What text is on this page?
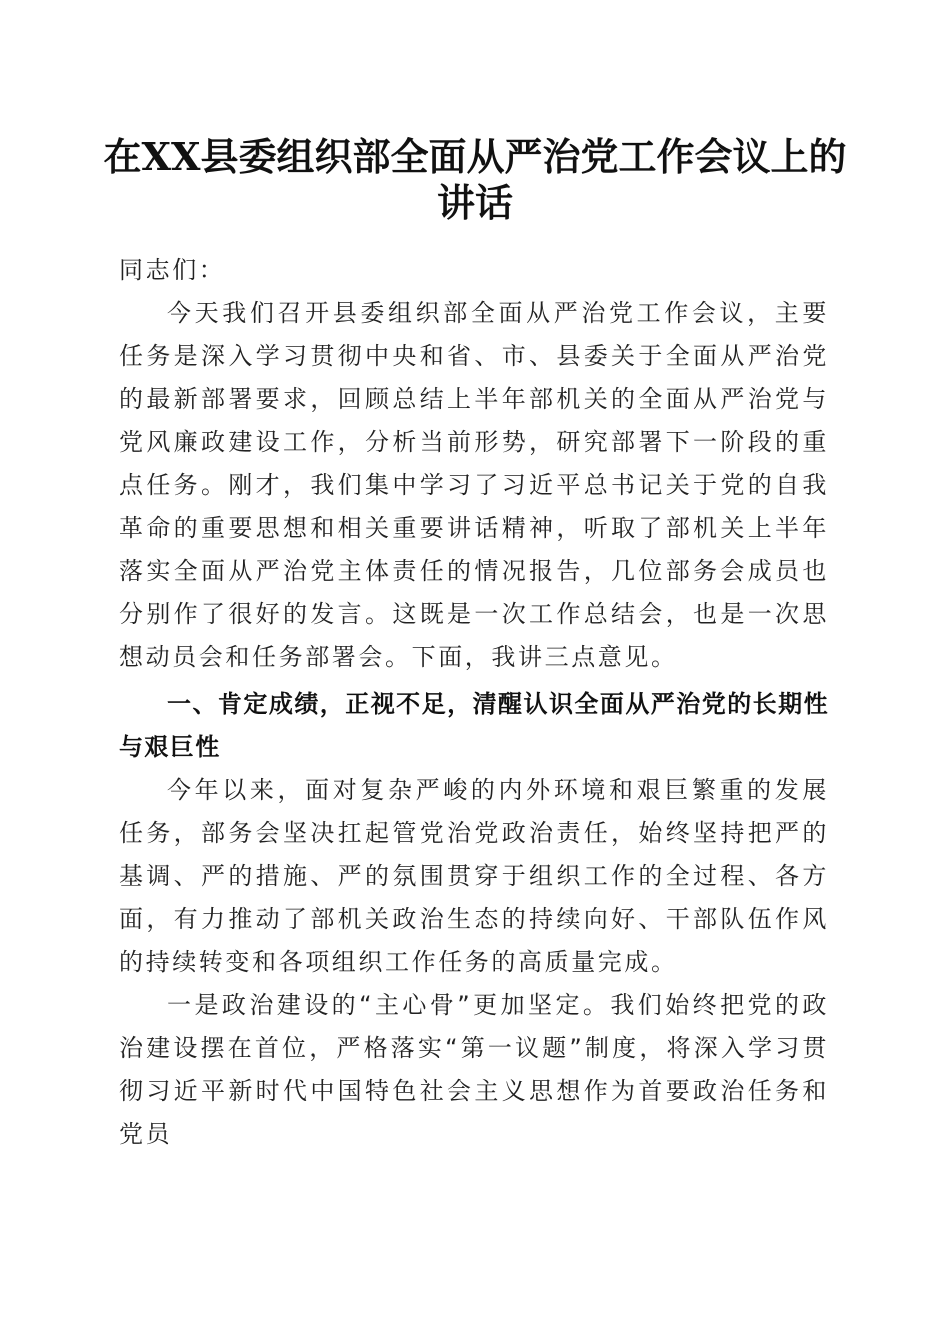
在XX县委组织部全面从严治党工作会议上的
讲话

同志们：

今天我们召开县委组织部全面从严治党工作会议，主要任务是深入学习贯彻中央和省、市、县委关于全面从严治党的最新部署要求，回顾总结上半年部机关的全面从严治党与党风廉政建设工作，分析当前形势，研究部署下一阶段的重点任务。刚才，我们集中学习了习近平总书记关于党的自我革命的重要思想和相关重要讲话精神，听取了部机关上半年落实全面从严治党主体责任的情况报告，几位部务会成员也分别作了很好的发言。这既是一次工作总结会，也是一次思想动员会和任务部署会。下面，我讲三点意见。

一、肯定成绩，正视不足，清醒认识全面从严治党的长期性与艰巨性

今年以来，面对复杂严峻的内外环境和艰巨繁重的发展任务，部务会坚决扛起管党治党政治责任，始终坚持把严的基调、严的措施、严的氛围贯穿于组织工作的全过程、各方面，有力推动了部机关政治生态的持续向好、干部队伍作风的持续转变和各项组织工作任务的高质量完成。

一是政治建设的“主心骨”更加坚定。我们始终把党的政治建设摆在首位，严格落实“第一议题”制度，将深入学习贯彻习近平新时代中国特色社会主义思想作为首要政治任务和党员
